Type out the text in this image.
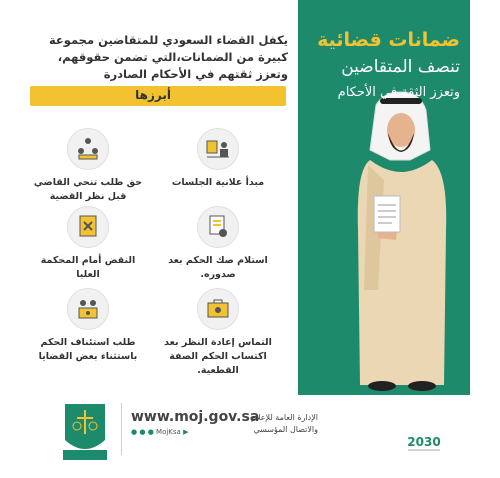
ضمانات قضائية
تنصف المتقاضين
وتعزز الثقة في الأحكام
يكفل القضاء السعودي للمتقاضين مجموعة كبيرة من الضمانات،التي تضمن حقوقهم، وتعزز ثقتهم في الأحكام الصادرة
أبرزها
مبدأ علانية الجلسات
حق طلب تنحي القاضي قبل نظر القضية
استلام صك الحكم بعد صدوره.
النقض أمام المحكمة العليا
التماس إعادة النظر بعد اكتساب الحكم الصفة القطعية.
طلب استئناف الحكم باستثناء بعض القضايا
www.moj.gov.sa
● ● ● MojKsa ▶
الإدارة العامة للإعلام والاتصال المؤسسي
2030
